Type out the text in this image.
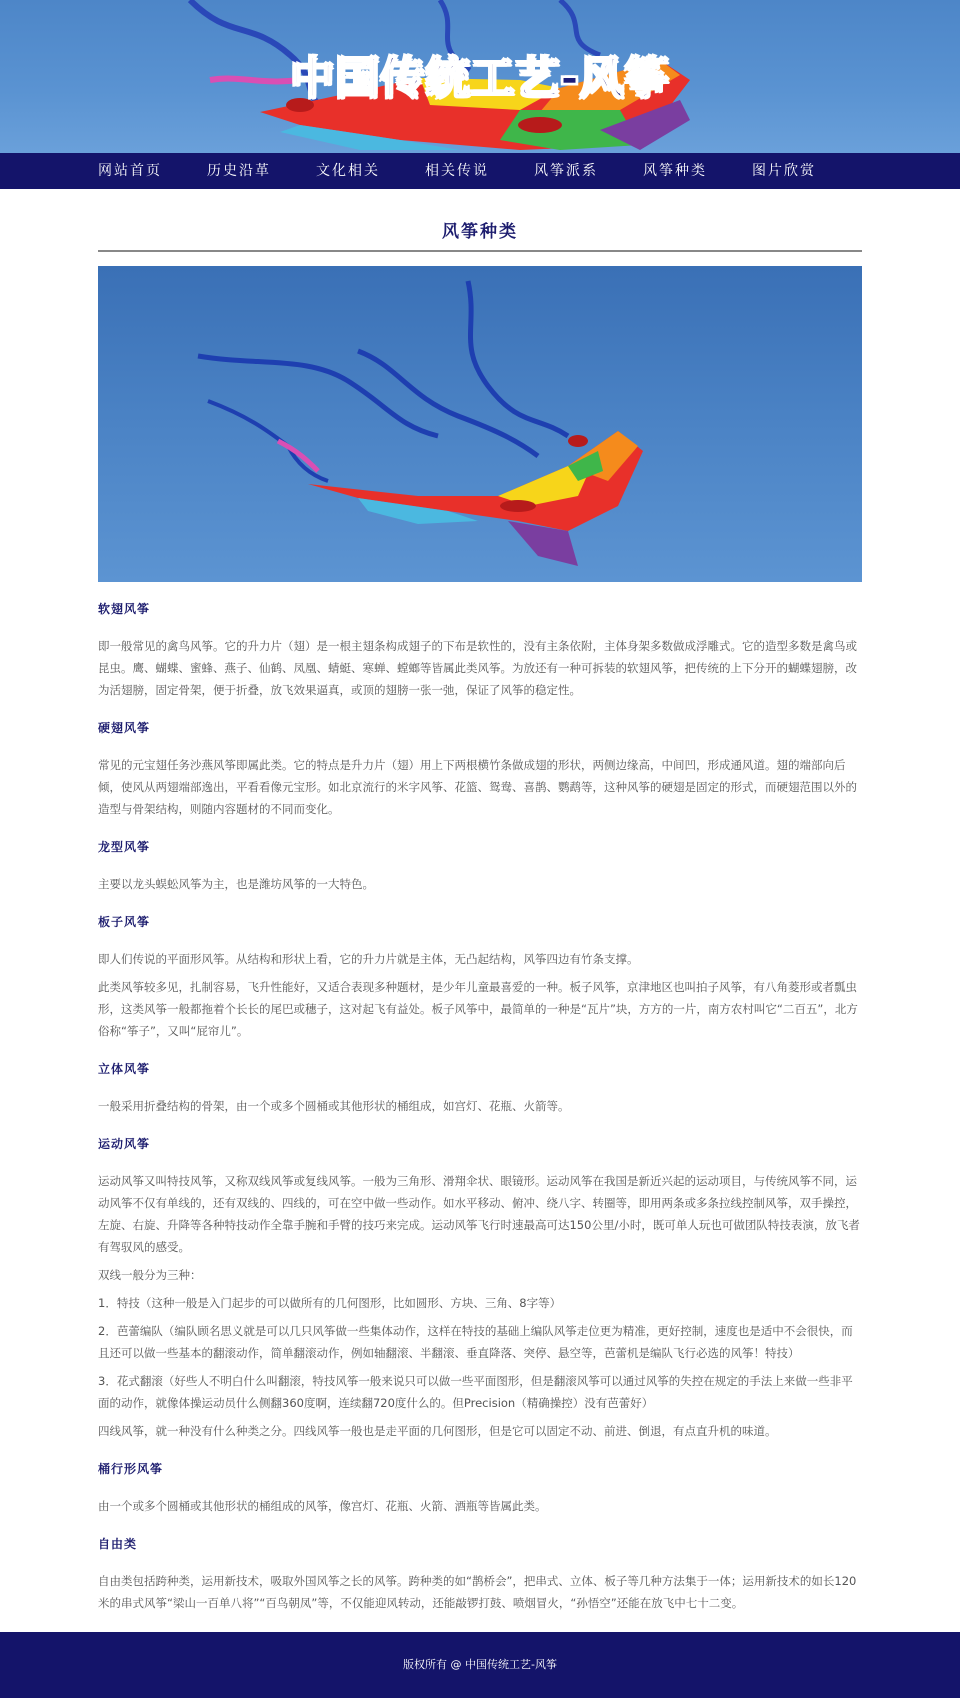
中国传统工艺-风筝
网站首页	历史沿革	文化相关	相关传说	风筝派系	风筝种类	图片欣赏
风筝种类
软翅风筝

即一般常见的禽鸟风筝。它的升力片（翅）是一根主翅条构成翅子的下布是软性的，没有主条依附，主体身架多数做成浮雕式。它的造型多数是禽鸟或昆虫。鹰、蝴蝶、蜜蜂、燕子、仙鹤、凤凰、蜻蜓、寒蝉、螳螂等皆属此类风筝。为放还有一种可拆装的软翅风筝，把传统的上下分开的蝴蝶翅膀，改为活翅膀，固定骨架，便于折叠，放飞效果逼真，或顶的翅膀一张一弛，保证了风筝的稳定性。

硬翅风筝

常见的元宝翅任务沙燕风筝即属此类。它的特点是升力片（翅）用上下两根横竹条做成翅的形状，两侧边缘高，中间凹，形成通风道。翅的端部向后倾，使风从两翅端部逸出，平看看像元宝形。如北京流行的米字风筝、花篮、鸳鸯、喜鹊、鹦鹉等，这种风筝的硬翅是固定的形式，而硬翅范围以外的造型与骨架结构，则随内容题材的不同而变化。

龙型风筝

主要以龙头蜈蚣风筝为主，也是潍坊风筝的一大特色。

板子风筝

即人们传说的平面形风筝。从结构和形状上看，它的升力片就是主体，无凸起结构，风筝四边有竹条支撑。

此类风筝较多见，扎制容易，飞升性能好，又适合表现多种题材，是少年儿童最喜爱的一种。板子风筝，京津地区也叫拍子风筝，有八角菱形或者瓢虫形，这类风筝一般都拖着个长长的尾巴或穗子，这对起飞有益处。板子风筝中，最简单的一种是“瓦片”块，方方的一片，南方农村叫它“二百五”，北方俗称“筝子”，又叫“屁帘儿”。

立体风筝

一般采用折叠结构的骨架，由一个或多个圆桶或其他形状的桶组成，如宫灯、花瓶、火箭等。

运动风筝

运动风筝又叫特技风筝，又称双线风筝或复线风筝。一般为三角形、滑翔伞状、眼镜形。运动风筝在我国是新近兴起的运动项目，与传统风筝不同，运动风筝不仅有单线的，还有双线的、四线的，可在空中做一些动作。如水平移动、俯冲、绕八字、转圈等，即用两条或多条拉线控制风筝，双手操控，左旋、右旋、升降等各种特技动作全靠手腕和手臂的技巧来完成。运动风筝飞行时速最高可达150公里/小时，既可单人玩也可做团队特技表演，放飞者有驾驭风的感受。

双线一般分为三种：

1．特技（这种一般是入门起步的可以做所有的几何图形，比如圆形、方块、三角、8字等）

2．芭蕾编队（编队顾名思义就是可以几只风筝做一些集体动作，这样在特技的基础上编队风筝走位更为精准，更好控制，速度也是适中不会很快，而且还可以做一些基本的翻滚动作，简单翻滚动作，例如轴翻滚、半翻滚、垂直降落、突停、悬空等，芭蕾机是编队飞行必选的风筝！特技）

3．花式翻滚（好些人不明白什么叫翻滚，特技风筝一般来说只可以做一些平面图形，但是翻滚风筝可以通过风筝的失控在规定的手法上来做一些非平面的动作，就像体操运动员什么侧翻360度啊，连续翻720度什么的。但Precision（精确操控）没有芭蕾好）

四线风筝，就一种没有什么种类之分。四线风筝一般也是走平面的几何图形，但是它可以固定不动、前进、倒退，有点直升机的味道。

桶行形风筝

由一个或多个圆桶或其他形状的桶组成的风筝，像宫灯、花瓶、火箭、酒瓶等皆属此类。

自由类

自由类包括跨种类，运用新技术，吸取外国风筝之长的风筝。跨种类的如“鹊桥会”，把串式、立体、板子等几种方法集于一体；运用新技术的如长120米的串式风筝“梁山一百单八将”“百鸟朝凤”等，不仅能迎风转动，还能敲锣打鼓、喷烟冒火，“孙悟空”还能在放飞中七十二变。

版权所有 @ 中国传统工艺-风筝
